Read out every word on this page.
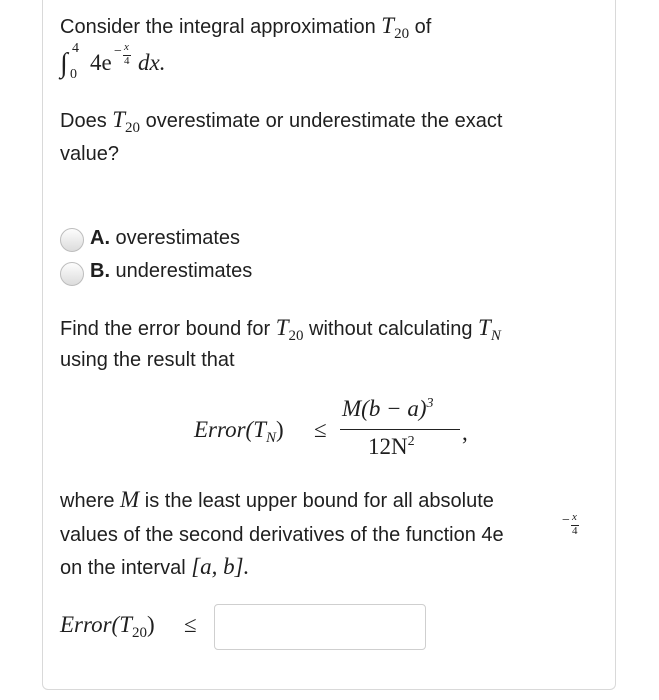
Consider the integral approximation $T_{20}$ of
∫ 4
0 4e − x
4 dx.
Does $T_{20}$ overestimate or underestimate the exact
value?
A. overestimates
B. underestimates
Find the error bound for $T_{20}$ without calculating $T_N$
using the result that
$Error(T_N)$ ≤
$M(b - a)^3$
$12N^2$ ,
where M is the least upper bound for all absolute
values of the second derivatives of the function 4e
− x
4
on the interval [a, b].
$Error(T_{20})$ ≤
